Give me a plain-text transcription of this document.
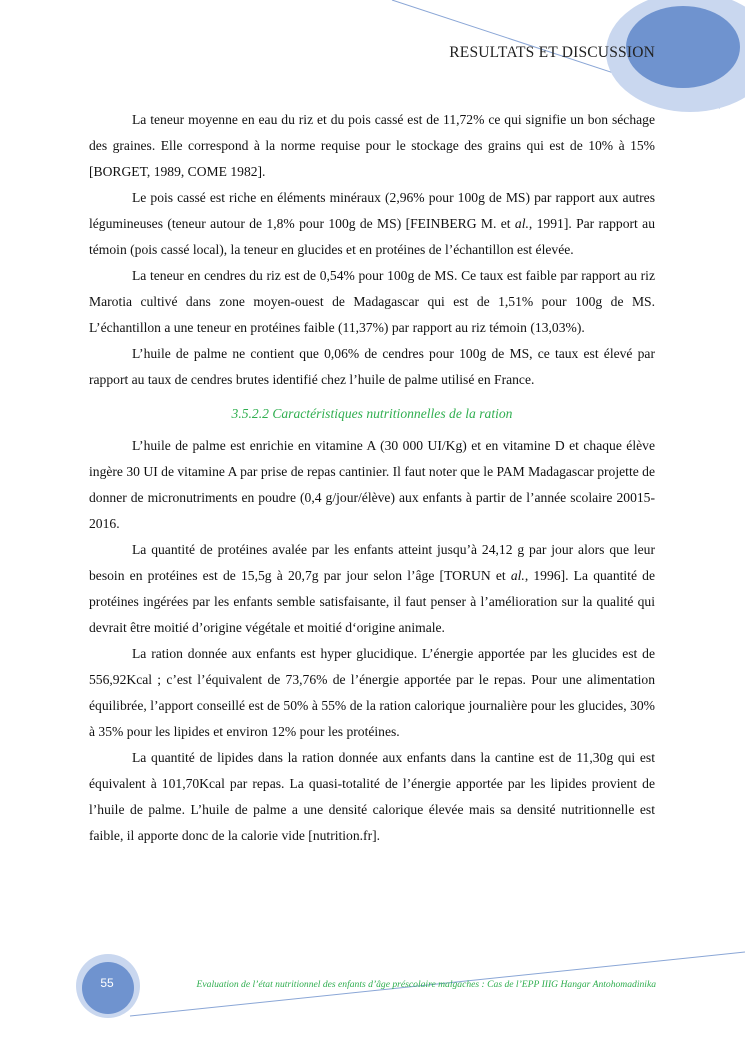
RESULTATS ET DISCUSSION

La teneur moyenne en eau du riz et du pois cassé est de 11,72% ce qui signifie un bon séchage des graines. Elle correspond à la norme requise pour le stockage des grains qui est de 10% à 15% [BORGET, 1989, COME 1982].

Le pois cassé est riche en éléments minéraux (2,96% pour 100g de MS) par rapport aux autres légumineuses (teneur autour de 1,8% pour 100g de MS) [FEINBERG M. et al., 1991]. Par rapport au témoin (pois cassé local), la teneur en glucides et en protéines de l’échantillon est élevée.

La teneur en cendres du riz est de 0,54% pour 100g de MS. Ce taux est faible par rapport au riz Marotia cultivé dans zone moyen-ouest de Madagascar qui est de 1,51% pour 100g de MS. L’échantillon a une teneur en protéines faible (11,37%) par rapport au riz témoin (13,03%).

L’huile de palme ne contient que 0,06% de cendres pour 100g de MS, ce taux est élevé par rapport au taux de cendres brutes identifié chez l’huile de palme utilisé en France.

3.5.2.2 Caractéristiques nutritionnelles de la ration

L’huile de palme est enrichie en vitamine A (30 000 UI/Kg) et en vitamine D et chaque élève ingère 30 UI de vitamine A par prise de repas cantinier. Il faut noter que le PAM Madagascar projette de donner de micronutriments en poudre (0,4 g/jour/élève) aux enfants à partir de l’année scolaire 20015-2016.

La quantité de protéines avalée par les enfants atteint jusqu’à 24,12 g par jour alors que leur besoin en protéines est de 15,5g à 20,7g par jour selon l’âge [TORUN et al., 1996]. La quantité de protéines ingérées par les enfants semble satisfaisante, il faut penser à l’amélioration sur la qualité qui devrait être moitié d’origine végétale et moitié d‘origine animale.

La ration donnée aux enfants est hyper glucidique. L’énergie apportée par les glucides est de 556,92Kcal ; c’est l’équivalent de 73,76% de l’énergie apportée par le repas. Pour une alimentation équilibrée, l’apport conseillé est de 50% à 55% de la ration calorique journalière pour les glucides, 30% à 35% pour les lipides et environ 12% pour les protéines.

La quantité de lipides dans la ration donnée aux enfants dans la cantine est de 11,30g qui est équivalent à 101,70Kcal par repas. La quasi-totalité de l’énergie apportée par les lipides provient de l’huile de palme. L’huile de palme a une densité calorique élevée mais sa densité nutritionnelle est faible, il apporte donc de la calorie vide [nutrition.fr].

55	Evaluation de l’état nutritionnel des enfants d’âge préscolaire malgaches : Cas de l’EPP IIIG Hangar Antohomadinika
